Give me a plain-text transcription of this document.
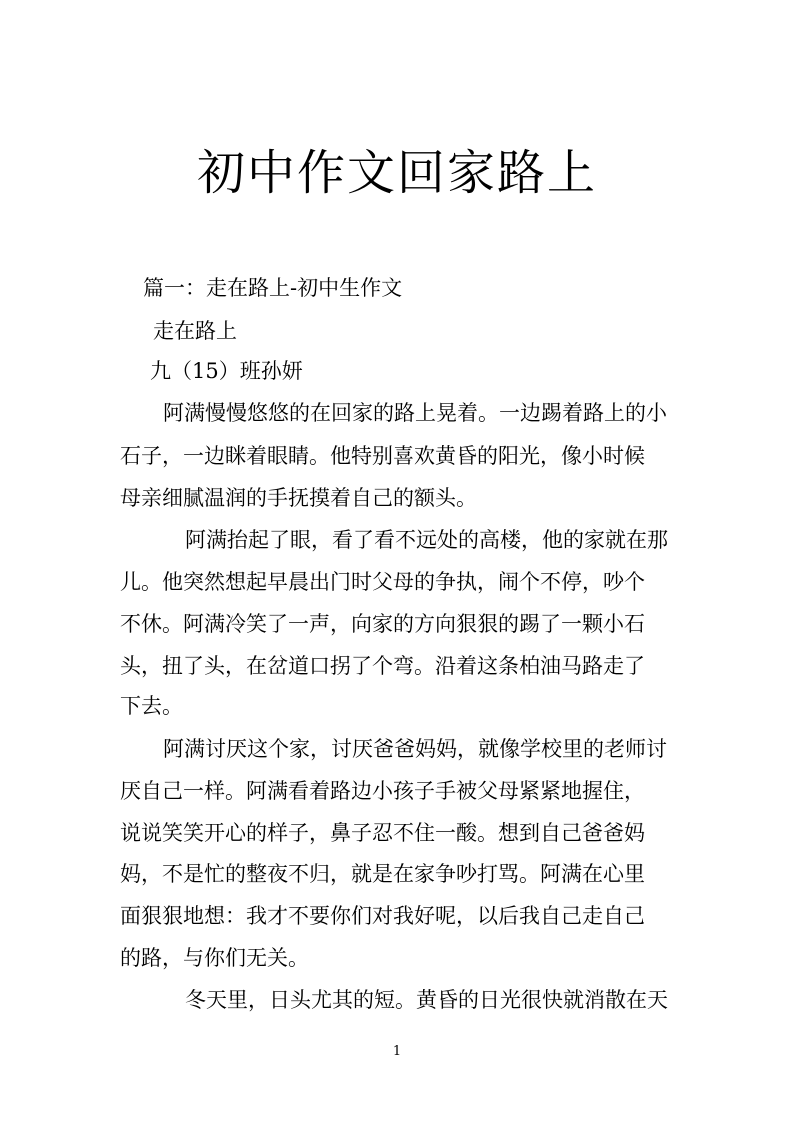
初中作文回家路上
篇一：走在路上-初中生作文
走在路上
九（15）班孙妍
阿满慢慢悠悠的在回家的路上晃着。一边踢着路上的小
石子，一边眯着眼睛。他特别喜欢黄昏的阳光，像小时候
母亲细腻温润的手抚摸着自己的额头。
阿满抬起了眼，看了看不远处的高楼，他的家就在那
儿。他突然想起早晨出门时父母的争执，闹个不停，吵个
不休。阿满冷笑了一声，向家的方向狠狠的踢了一颗小石
头，扭了头，在岔道口拐了个弯。沿着这条柏油马路走了
下去。
阿满讨厌这个家，讨厌爸爸妈妈，就像学校里的老师讨
厌自己一样。阿满看着路边小孩子手被父母紧紧地握住，
说说笑笑开心的样子，鼻子忍不住一酸。想到自己爸爸妈
妈，不是忙的整夜不归，就是在家争吵打骂。阿满在心里
面狠狠地想：我才不要你们对我好呢，以后我自己走自己
的路，与你们无关。
冬天里，日头尤其的短。黄昏的日光很快就消散在天
1
